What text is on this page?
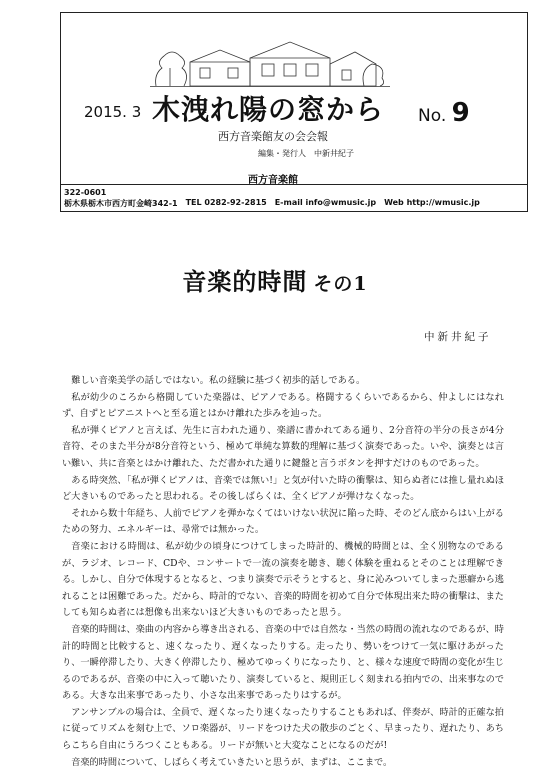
2015. 3 木洩れ陽の窓から No. 9
西方音楽館友の会会報
編集・発行人 中新井紀子
西方音楽館
322-0601
栃木県栃木市西方町金崎342-1 TEL 0282-92-2815 E-mail info@wmusic.jp Web http://wmusic.jp
音楽的時間 その1
中新井紀子

難しい音楽美学の話しではない。私の経験に基づく初歩的話しである。

私が幼少のころから格闘していた楽器は、ピアノである。格闘するくらいであるから、仲よしにはなれず、自ずとピアニストへと至る道とはかけ離れた歩みを辿った。

私が弾くピアノと言えば、先生に言われた通り、楽譜に書かれてある通り、2分音符の半分の長さが4分音符、そのまた半分が8分音符という、極めて単純な算数的理解に基づく演奏であった。いや、演奏とは言い難い、共に音楽とはかけ離れた、ただ書かれた通りに鍵盤と言うボタンを押すだけのものであった。

ある時突然、「私が弾くピアノは、音楽では無い!」と気が付いた時の衝撃は、知らぬ者には推し量れぬほど大きいものであったと思われる。その後しばらくは、全くピアノが弾けなくなった。

それから数十年経ち、人前でピアノを弾かなくてはいけない状況に陥った時、そのどん底からはい上がるための努力、エネルギーは、尋常では無かった。

音楽における時間は、私が幼少の頃身につけてしまった時計的、機械的時間とは、全く別物なのであるが、ラジオ、レコード、CDや、コンサートで一流の演奏を聴き、聴く体験を重ねるとそのことは理解できる。しかし、自分で体現するとなると、つまり演奏で示そうとすると、身に沁みついてしまった悪癖から逃れることは困難であった。だから、時計的でない、音楽的時間を初めて自分で体現出来た時の衝撃は、またしても知らぬ者には想像も出来ないほど大きいものであったと思う。

音楽的時間は、楽曲の内容から導き出される、音楽の中では自然な・当然の時間の流れなのであるが、時計的時間と比較すると、速くなったり、遅くなったりする。走ったり、勢いをつけて一気に駆けあがったり、一瞬停滞したり、大きく停滞したり、極めてゆっくりになったり、と、様々な速度で時間の変化が生じるのであるが、音楽の中に入って聴いたり、演奏していると、規則正しく刻まれる拍内での、出来事なのである。大きな出来事であったり、小さな出来事であったりはするが。

アンサンブルの場合は、全員で、遅くなったり速くなったりすることもあれば、伴奏が、時計的正確な拍に従ってリズムを刻む上で、ソロ楽器が、リードをつけた犬の散歩のごとく、早まったり、遅れたり、あちらこちら自由にうろつくこともある。リードが無いと大変なことになるのだが!

音楽的時間について、しばらく考えていきたいと思うが、まずは、ここまで。
